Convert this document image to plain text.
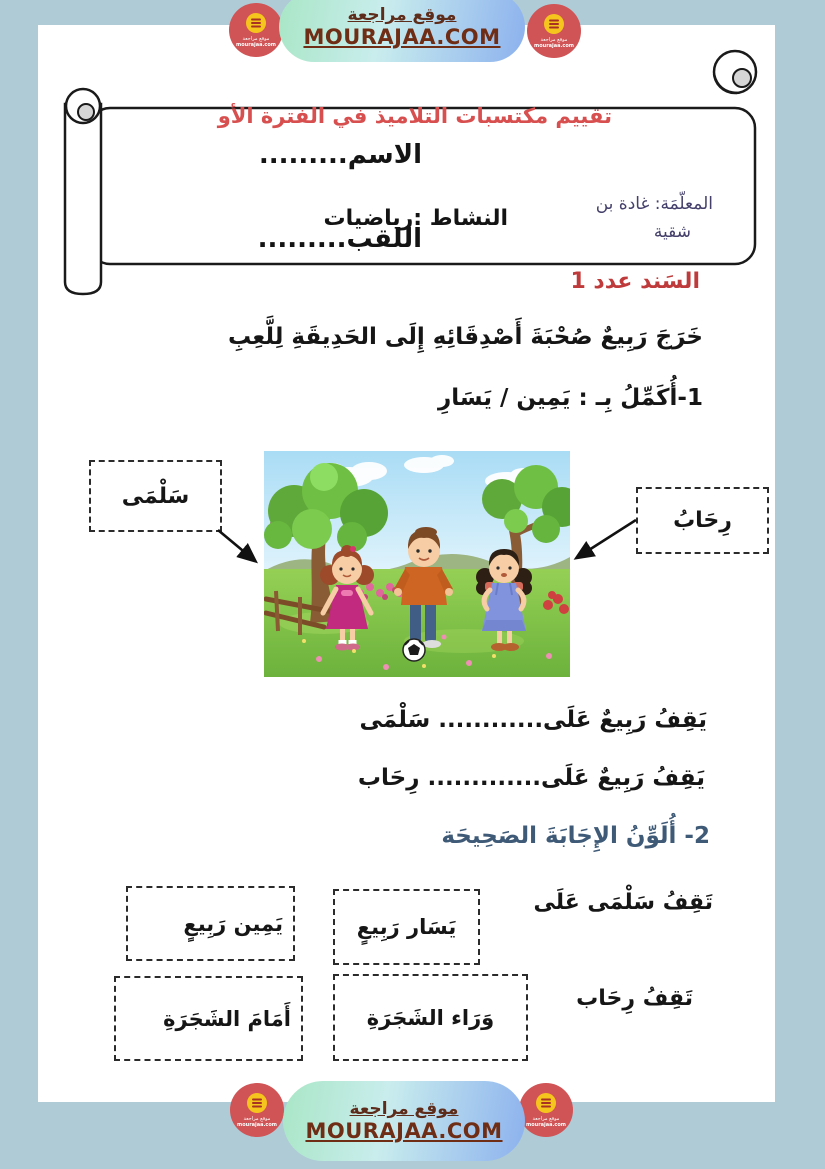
موقع مراجعة
mourajaa.com
موقع مراجعة
mourajaa.com
موقع مراجعة
MOURAJAA.COM
تقييم مكتسبات التلاميذ في الفترة الأو
الاسم.........
اللقب.........
النشاط :رياضيات
المعلّمَة: غادة بن
شقية
السَند عدد 1
خَرَجَ رَبِيعٌ صُحْبَةَ أَصْدِقَائِهِ إِلَى الحَدِيقَةِ لِلَّعِبِ
1-أُكَمِّلُ بِـ : يَمِين / يَسَارِ
سَلْمَى
رِحَابُ
يَقِفُ رَبِيعٌ عَلَى............ سَلْمَى
يَقِفُ رَبِيعٌ عَلَى............. رِحَاب
2- أُلَوِّنُ الإِجَابَةَ الصَحِيحَة
تَقِفُ سَلْمَى عَلَى
يَسَار رَبِيعٍ
يَمِين رَبِيعٍ
تَقِفُ رِحَاب
وَرَاء الشَجَرَةِ
أَمَامَ الشَجَرَةِ
موقع مراجعة
mourajaa.com
موقع مراجعة
mourajaa.com
موقع مراجعة
MOURAJAA.COM
